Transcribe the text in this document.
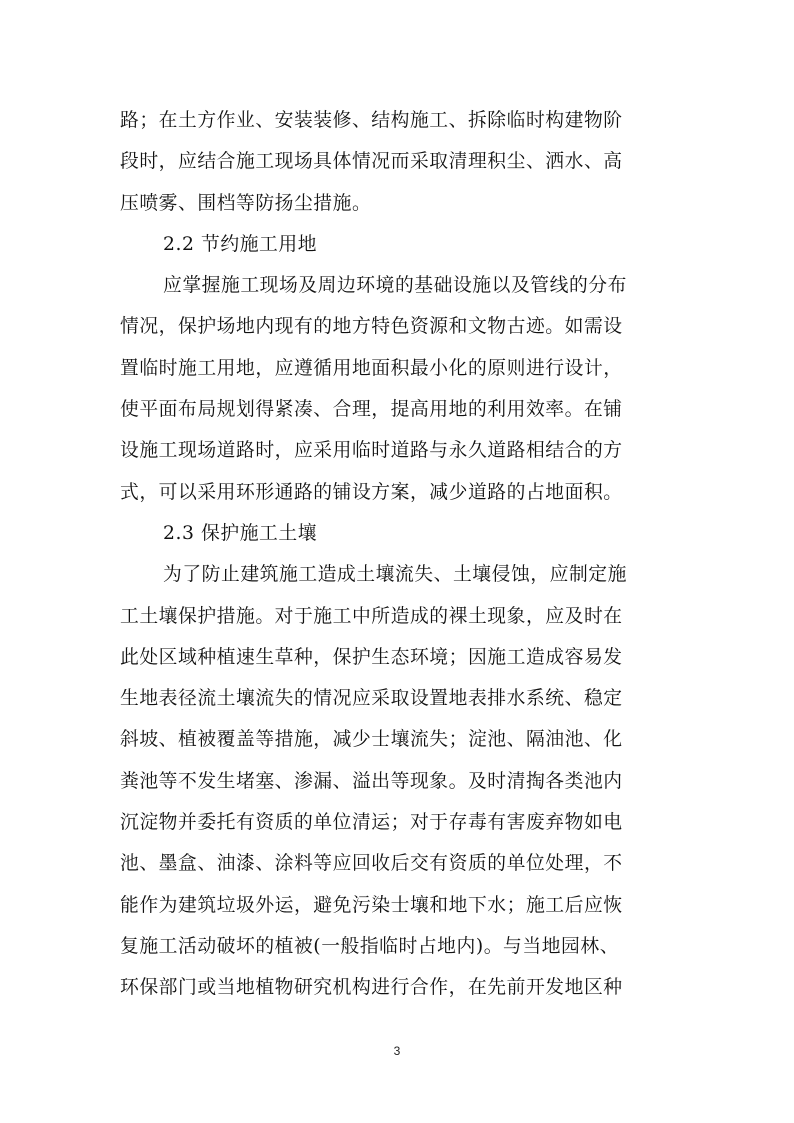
路；在土方作业、安装装修、结构施工、拆除临时构建物阶
段时，应结合施工现场具体情况而采取清理积尘、洒水、高
压喷雾、围档等防扬尘措施。
2.2 节约施工用地
应掌握施工现场及周边环境的基础设施以及管线的分布
情况，保护场地内现有的地方特色资源和文物古迹。如需设
置临时施工用地，应遵循用地面积最小化的原则进行设计，
使平面布局规划得紧凑、合理，提高用地的利用效率。在铺
设施工现场道路时，应采用临时道路与永久道路相结合的方
式，可以采用环形通路的铺设方案，减少道路的占地面积。
2.3 保护施工土壤
为了防止建筑施工造成土壤流失、土壤侵蚀，应制定施
工土壤保护措施。对于施工中所造成的裸土现象，应及时在
此处区域种植速生草种，保护生态环境；因施工造成容易发
生地表径流土壤流失的情况应采取设置地表排水系统、稳定
斜坡、植被覆盖等措施，减少士壤流失；淀池、隔油池、化
粪池等不发生堵塞、渗漏、溢出等现象。及时清掏各类池内
沉淀物并委托有资质的单位清运；对于存毒有害废弃物如电
池、墨盒、油漆、涂料等应回收后交有资质的单位处理，不
能作为建筑垃圾外运，避免污染士壤和地下水；施工后应恢
复施工活动破坏的植被(一般指临时占地内)。与当地园林、
环保部门或当地植物研究机构进行合作，在先前开发地区种
3
